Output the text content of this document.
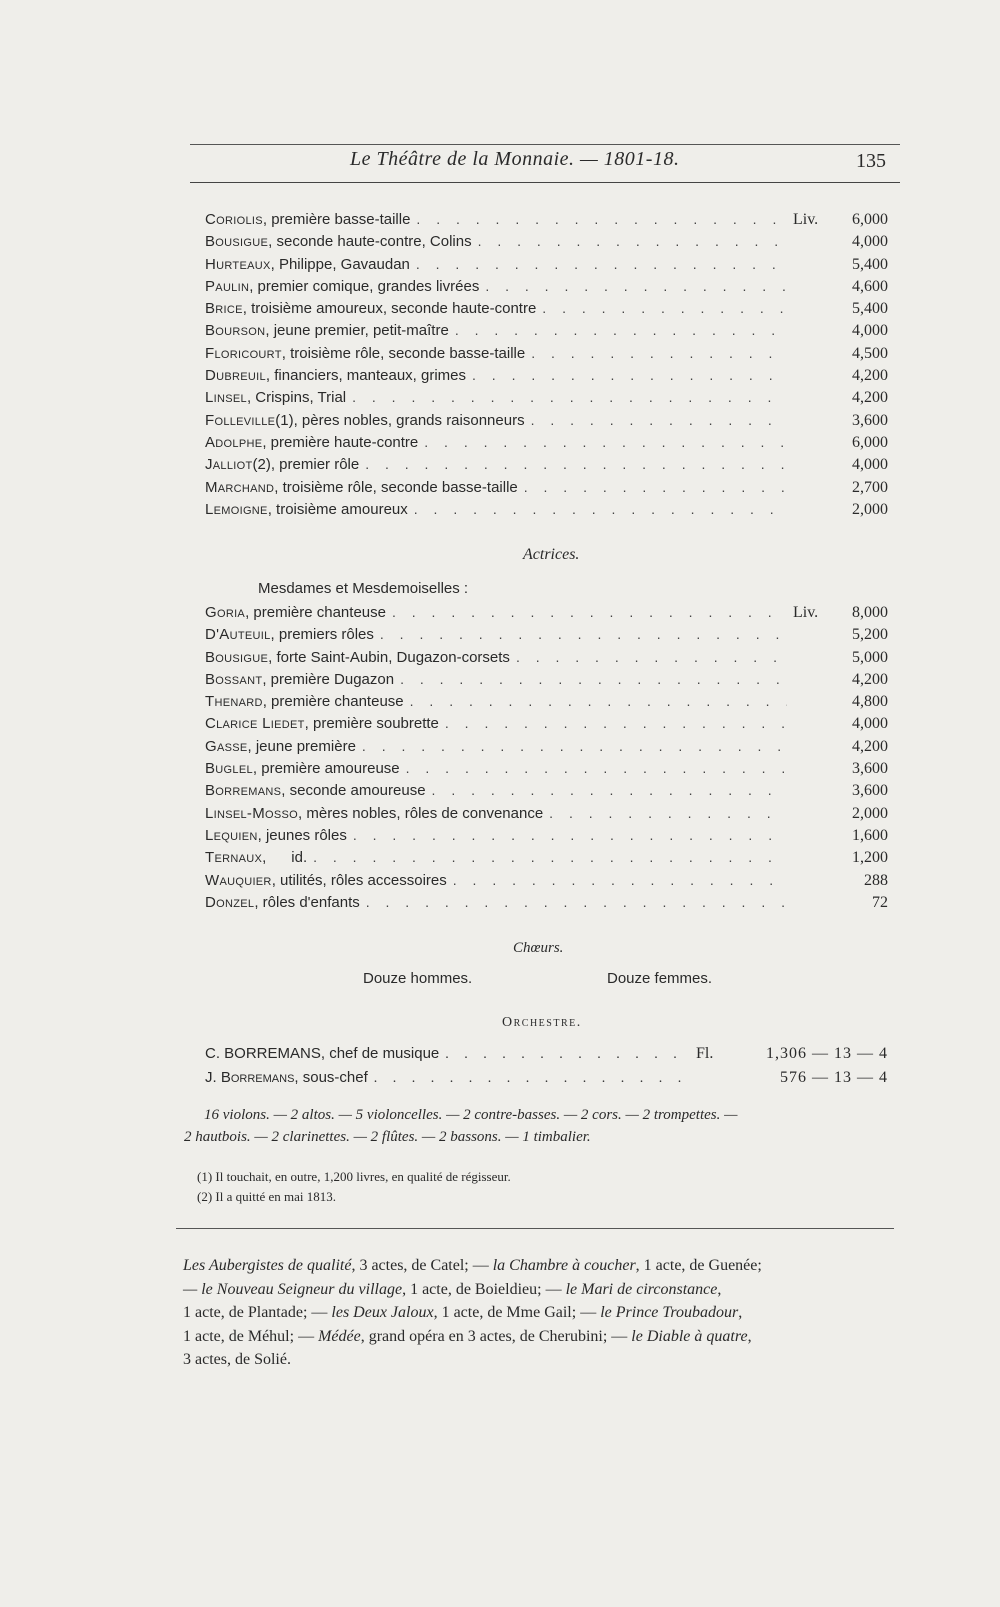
Le Théâtre de la Monnaie. — 1801-18.	135
Coriolis , première basse-taille . . .	Liv.	6,000
Bousigue , seconde haute-contre, Colins . . .	4,000
Hurteaux , Philippe, Gavaudan . . .	5,400
Paulin , premier comique, grandes livrées . . .	4,600
Brice , troisième amoureux, seconde haute-contre . . .	5,400
Bourson , jeune premier, petit-maître . . .	4,000
Floricourt , troisième rôle, seconde basse-taille . . .	4,500
Dubreuil , financiers, manteaux, grimes . . .	4,200
Linsel , Crispins, Trial . . .	4,200
Folleville (1), pères nobles, grands raisonneurs . . .	3,600
Adolphe , première haute-contre . . .	6,000
Jalliot (2), premier rôle . . .	4,000
Marchand , troisième rôle, seconde basse-taille . . .	2,700
Lemoigne , troisième amoureux . . .	2,000
Actrices.
Mesdames et Mesdemoiselles :
Goria , première chanteuse . . .	Liv.	8,000
D'Auteuil , premiers rôles . . .	5,200
Bousigue , forte Saint-Aubin, Dugazon-corsets . . .	5,000
Bossant , première Dugazon . . .	4,200
Thenard , première chanteuse . . .	4,800
Clarice Liedet , première soubrette . . .	4,000
Gasse , jeune première . . .	4,200
Buglel , première amoureuse . . .	3,600
Borremans , seconde amoureuse . . .	3,600
Linsel-Mosso , mères nobles, rôles de convenance . . .	2,000
Lequien , jeunes rôles . . .	1,600
Ternaux ,      id. . . .	1,200
Wauquier , utilités, rôles accessoires . . .	288
Donzel , rôles d'enfants . . .	72
Chœurs.
Douze hommes.	Douze femmes.
Orchestre.
C. BORREMANS, chef de musique . . .	Fl.	1,306 — 13 — 4
J. Borremans, sous-chef . . .	576 — 13 — 4
16 violons. — 2 altos. — 5 violoncelles. — 2 contre-basses. — 2 cors. — 2 trompettes. —
2 hautbois. — 2 clarinettes. — 2 flûtes. — 2 bassons. — 1 timbalier.
(1) Il touchait, en outre, 1,200 livres, en qualité de régisseur.
(2) Il a quitté en mai 1813.

Les Aubergistes de qualité, 3 actes, de Catel; — la Chambre à coucher, 1 acte, de Guenée;

— le Nouveau Seigneur du village, 1 acte, de Boieldieu; — le Mari de circonstance,

1 acte, de Plantade; — les Deux Jaloux, 1 acte, de Mme Gail; — le Prince Troubadour,

1 acte, de Méhul; — Médée, grand opéra en 3 actes, de Cherubini; — le Diable à quatre,

3 actes, de Solié.
